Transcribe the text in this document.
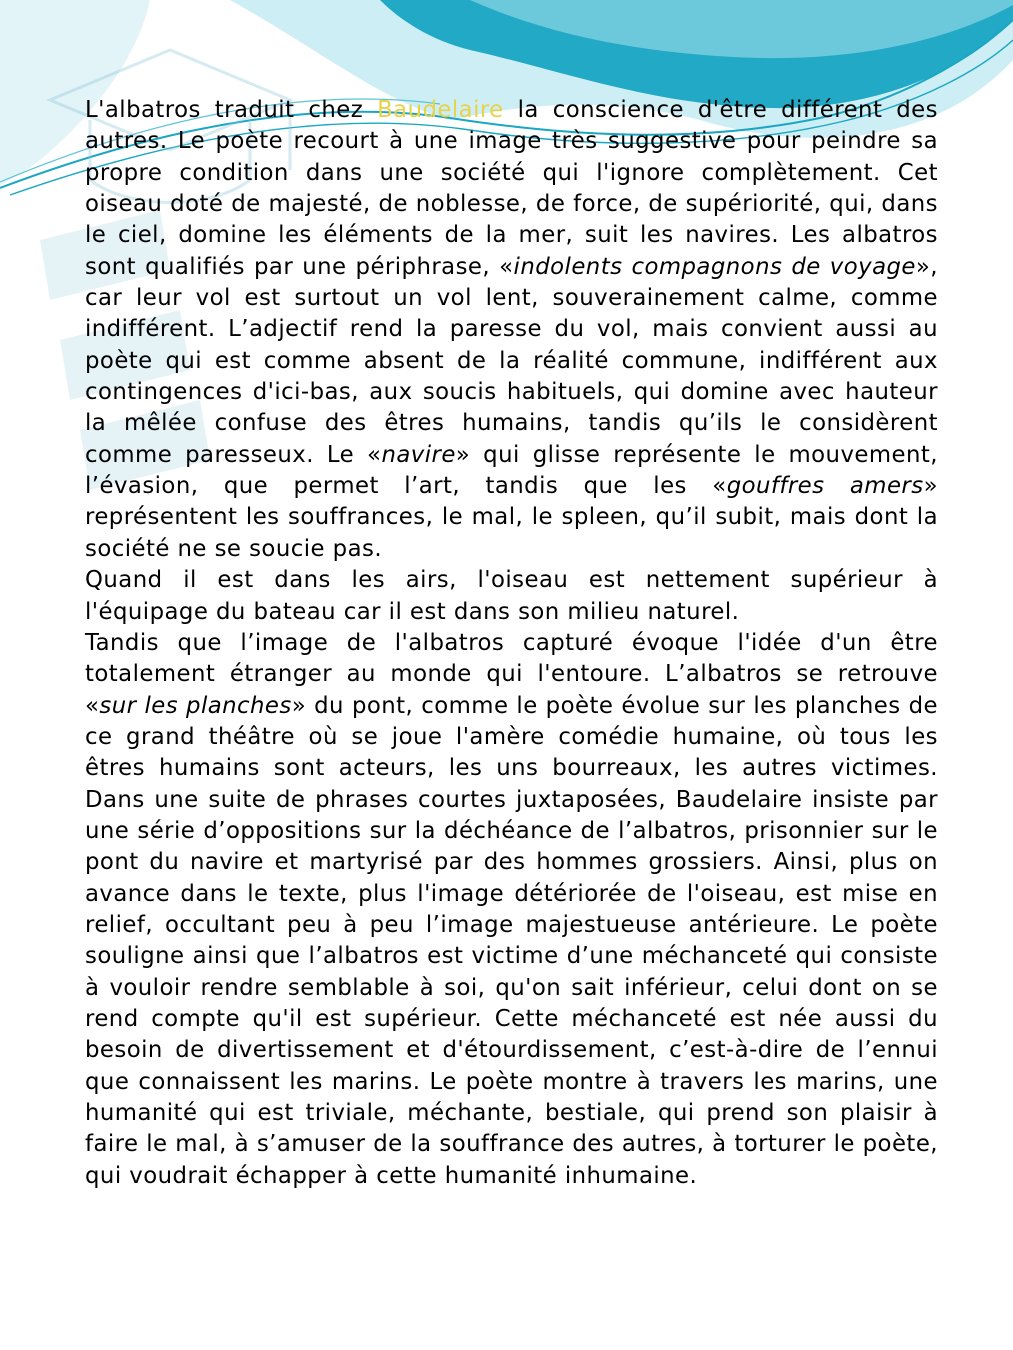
L'albatros traduit chez Baudelaire la conscience d'être différent des autres. Le poète recourt à une image très suggestive pour peindre sa propre condition dans une société qui l'ignore complètement. Cet oiseau doté de majesté, de noblesse, de force, de supériorité, qui, dans le ciel, domine les éléments de la mer, suit les navires. Les albatros sont qualifiés par une périphrase, «indolents compagnons de voyage», car leur vol est surtout un vol lent, souverainement calme, comme indifférent. L’adjectif rend la paresse du vol, mais convient aussi au poète qui est comme absent de la réalité commune, indifférent aux contingences d'ici-bas, aux soucis habituels, qui domine avec hauteur la mêlée confuse des êtres humains, tandis qu’ils le considèrent comme paresseux. Le «navire» qui glisse représente le mouvement, l’évasion, que permet l’art, tandis que les «gouffres amers» représentent les souffrances, le mal, le spleen, qu’il subit, mais dont la société ne se soucie pas.

Quand il est dans les airs, l'oiseau est nettement supérieur à l'équipage du bateau car il est dans son milieu naturel.

Tandis que l’image de l'albatros capturé évoque l'idée d'un être totalement étranger au monde qui l'entoure. L’albatros se retrouve «sur les planches» du pont, comme le poète évolue sur les planches de ce grand théâtre où se joue l'amère comédie humaine, où tous les êtres humains sont acteurs, les uns bourreaux, les autres victimes. Dans une suite de phrases courtes juxtaposées, Baudelaire insiste par une série d’oppositions sur la déchéance de l’albatros, prisonnier sur le pont du navire et martyrisé par des hommes grossiers. Ainsi, plus on avance dans le texte, plus l'image détériorée de l'oiseau, est mise en relief, occultant peu à peu l’image majestueuse antérieure. Le poète souligne ainsi que l’albatros est victime d’une méchanceté qui consiste à vouloir rendre semblable à soi, qu'on sait inférieur, celui dont on se rend compte qu'il est supérieur. Cette méchanceté est née aussi du besoin de divertissement et d'étourdissement, c’est-à-dire de l’ennui que connaissent les marins. Le poète montre à travers les marins, une humanité qui est triviale, méchante, bestiale, qui prend son plaisir à faire le mal, à s’amuser de la souffrance des autres, à torturer le poète, qui voudrait échapper à cette humanité inhumaine.
